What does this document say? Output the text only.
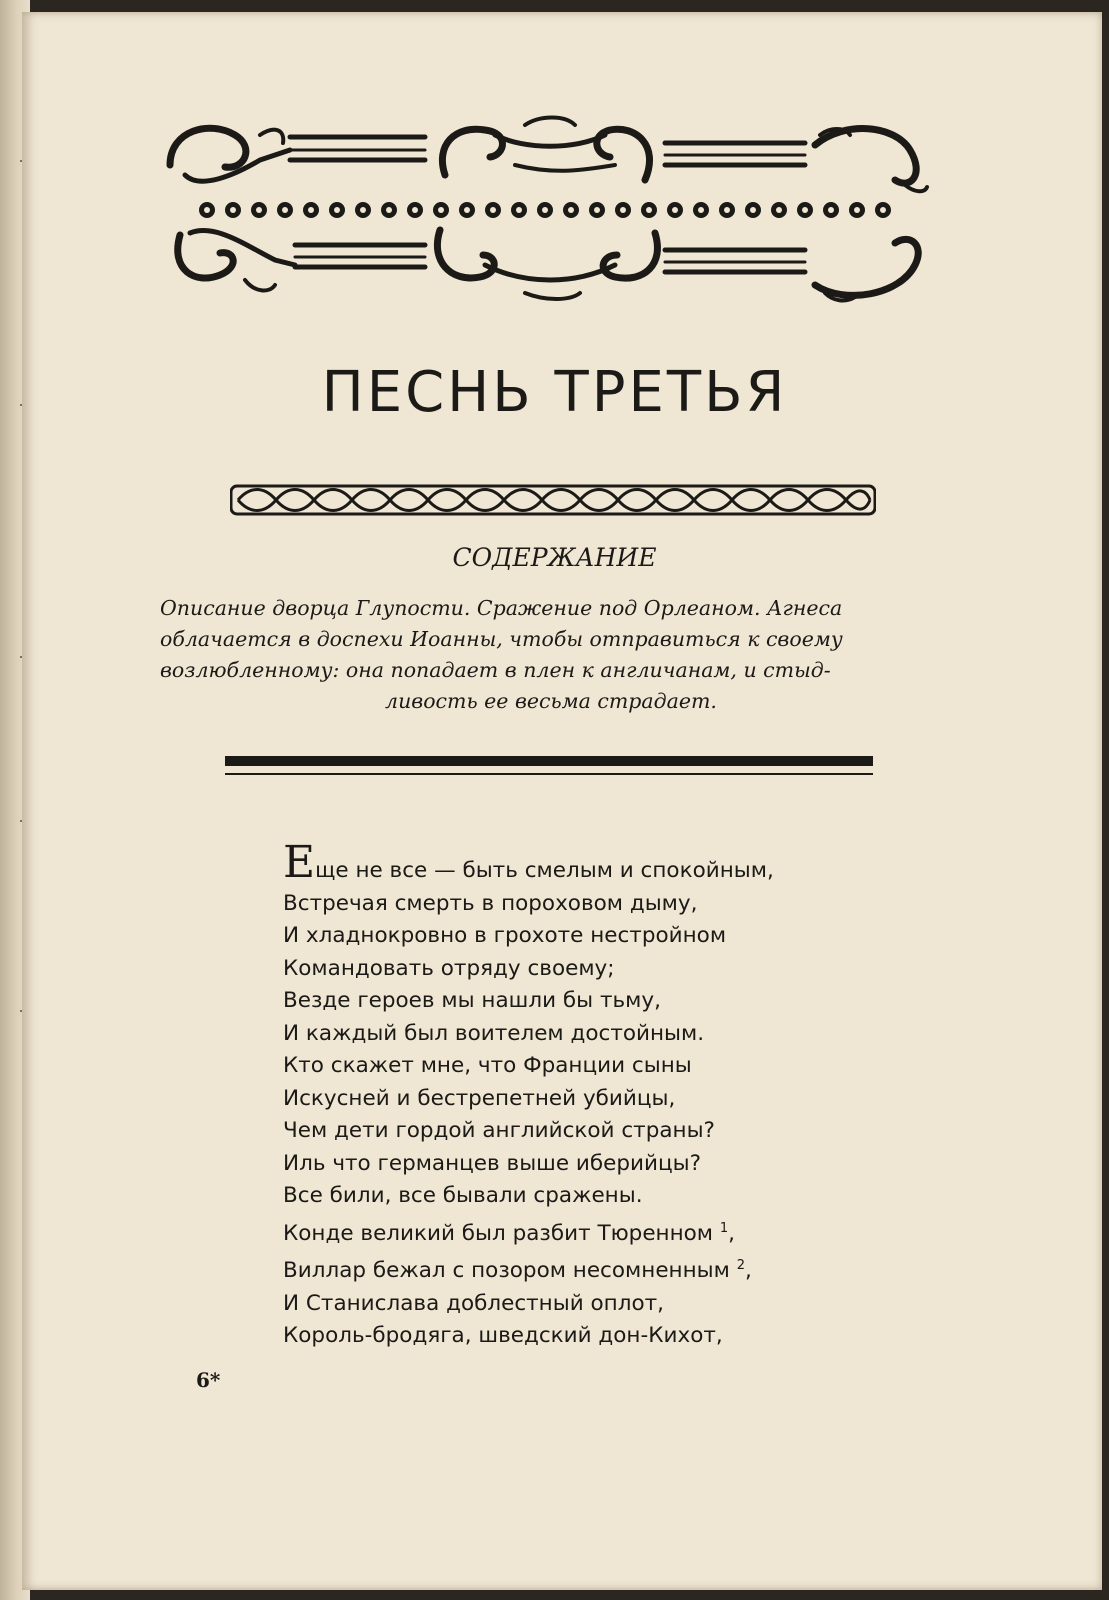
ПЕСНЬ ТРЕТЬЯ
СОДЕРЖАНИЕ
Описание дворца Глупости. Сражение под Орлеаном. Агнеса
облачается в доспехи Иоанны, чтобы отправиться к своему
возлюбленному: она попадает в плен к англичанам, и стыд-
ливость ее весьма страдает.
Еще не все — быть смелым и спокойным,
Встречая смерть в пороховом дыму,
И хладнокровно в грохоте нестройном
Командовать отряду своему;
Везде героев мы нашли бы тьму,
И каждый был воителем достойным.
Кто скажет мне, что Франции сыны
Искусней и бестрепетней убийцы,
Чем дети гордой английской страны?
Иль что германцев выше иберийцы?
Все били, все бывали сражены.
Конде великий был разбит Тюренном $^1$,
Виллар бежал с позором несомненным $^2$,
И Станислава доблестный оплот,
Король-бродяга, шведский дон-Кихот,
6*
